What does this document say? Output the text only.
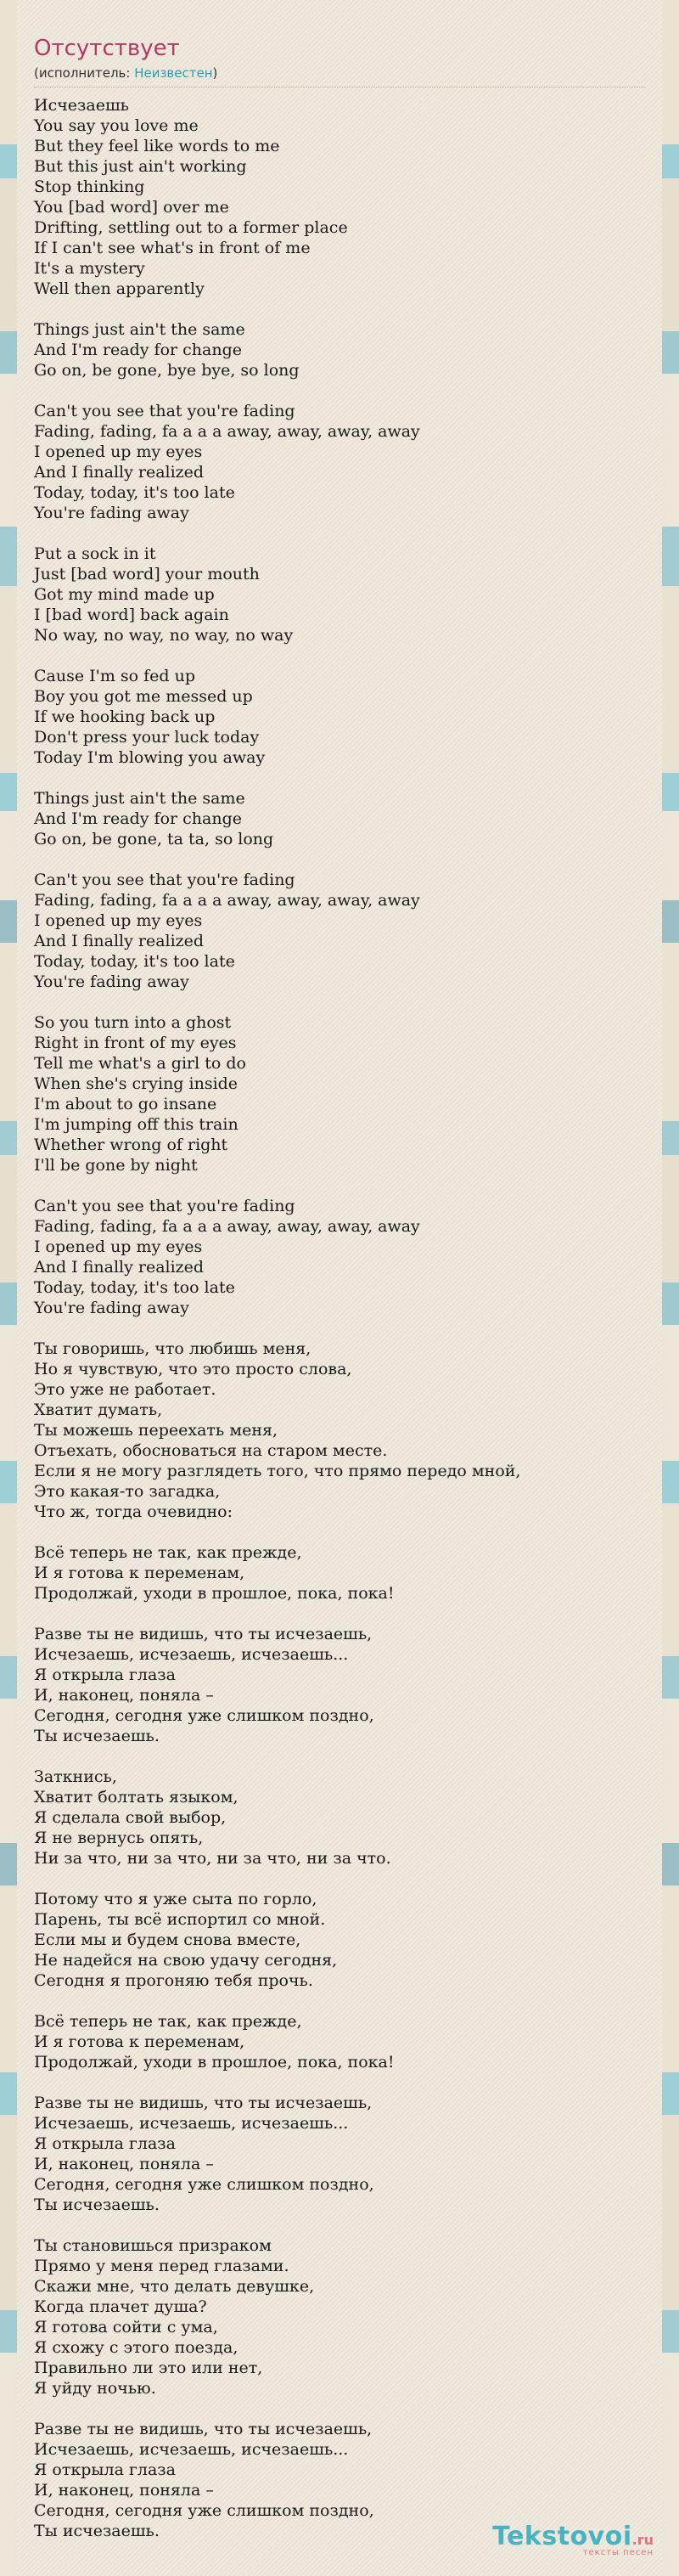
Отсутствует
(исполнитель: Неизвестен)
Исчезаешь
You say you love me
But they feel like words to me
But this just ain't working
Stop thinking
You [bad word] over me
Drifting, settling out to a former place
If I can't see what's in front of me
It's a mystery
Well then apparently
Things just ain't the same
And I'm ready for change
Go on, be gone, bye bye, so long
Can't you see that you're fading
Fading, fading, fa a a a away, away, away, away
I opened up my eyes
And I finally realized
Today, today, it's too late
You're fading away
Put a sock in it
Just [bad word] your mouth
Got my mind made up
I [bad word] back again
No way, no way, no way, no way
Cause I'm so fed up
Boy you got me messed up
If we hooking back up
Don't press your luck today
Today I'm blowing you away
Things just ain't the same
And I'm ready for change
Go on, be gone, ta ta, so long
Can't you see that you're fading
Fading, fading, fa a a a away, away, away, away
I opened up my eyes
And I finally realized
Today, today, it's too late
You're fading away
So you turn into a ghost
Right in front of my eyes
Tell me what's a girl to do
When she's crying inside
I'm about to go insane
I'm jumping off this train
Whether wrong of right
I'll be gone by night
Can't you see that you're fading
Fading, fading, fa a a a away, away, away, away
I opened up my eyes
And I finally realized
Today, today, it's too late
You're fading away
Ты говоришь, что любишь меня,
Но я чувствую, что это просто слова,
Это уже не работает.
Хватит думать,
Ты можешь переехать меня,
Отъехать, обосноваться на старом месте.
Если я не могу разглядеть того, что прямо передо мной,
Это какая-то загадка,
Что ж, тогда очевидно:
Всё теперь не так, как прежде,
И я готова к переменам,
Продолжай, уходи в прошлое, пока, пока!
Разве ты не видишь, что ты исчезаешь,
Исчезаешь, исчезаешь, исчезаешь...
Я открыла глаза
И, наконец, поняла –
Сегодня, сегодня уже слишком поздно,
Ты исчезаешь.
Заткнись,
Хватит болтать языком,
Я сделала свой выбор,
Я не вернусь опять,
Ни за что, ни за что, ни за что, ни за что.
Потому что я уже сыта по горло,
Парень, ты всё испортил со мной.
Если мы и будем снова вместе,
Не надейся на свою удачу сегодня,
Сегодня я прогоняю тебя прочь.
Всё теперь не так, как прежде,
И я готова к переменам,
Продолжай, уходи в прошлое, пока, пока!
Разве ты не видишь, что ты исчезаешь,
Исчезаешь, исчезаешь, исчезаешь...
Я открыла глаза
И, наконец, поняла –
Сегодня, сегодня уже слишком поздно,
Ты исчезаешь.
Ты становишься призраком
Прямо у меня перед глазами.
Скажи мне, что делать девушке,
Когда плачет душа?
Я готова сойти с ума,
Я схожу с этого поезда,
Правильно ли это или нет,
Я уйду ночью.
Разве ты не видишь, что ты исчезаешь,
Исчезаешь, исчезаешь, исчезаешь...
Я открыла глаза
И, наконец, поняла –
Сегодня, сегодня уже слишком поздно,
Ты исчезаешь.	Tekstovoi.ru
тексты песен
